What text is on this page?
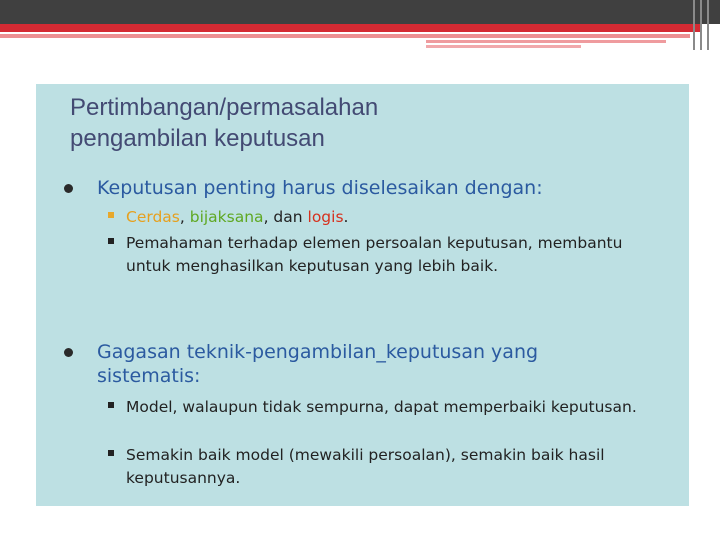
Pertimbangan/permasalahan
pengambilan keputusan
Keputusan penting harus diselesaikan dengan:
Cerdas, bijaksana, dan logis.
Pemahaman terhadap elemen persoalan keputusan, membantu untuk menghasilkan keputusan yang lebih baik.
Gagasan teknik-pengambilan_keputusan yang sistematis:
Model, walaupun tidak sempurna, dapat memperbaiki keputusan.
Semakin baik model (mewakili persoalan), semakin baik hasil keputusannya.
